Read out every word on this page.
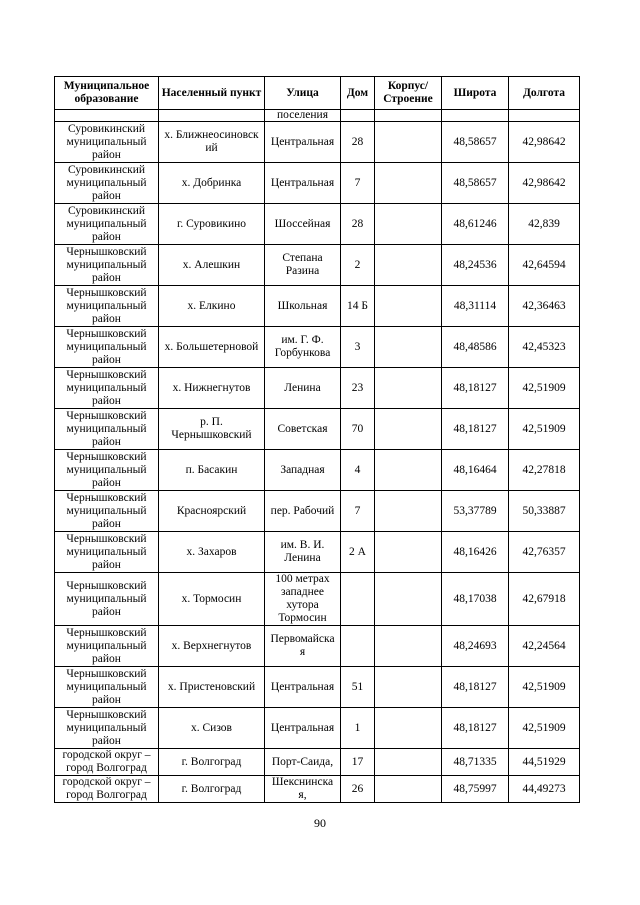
Муниципальное образование	Населенный пункт	Улица	Дом	Корпус/ Строение	Широта	Долгота
		поселения				
Суровикинский муниципальный район	х. Ближнеосиновск ий	Центральная	28		48,58657	42,98642
Суровикинский муниципальный район	х. Добринка	Центральная	7		48,58657	42,98642
Суровикинский муниципальный район	г. Суровикино	Шоссейная	28		48,61246	42,839
Чернышковский муниципальный район	х. Алешкин	Степана Разина	2		48,24536	42,64594
Чернышковский муниципальный район	х. Елкино	Школьная	14 Б		48,31114	42,36463
Чернышковский муниципальный район	х. Большетерновой	им. Г. Ф. Горбункова	3		48,48586	42,45323
Чернышковский муниципальный район	х. Нижнегнутов	Ленина	23		48,18127	42,51909
Чернышковский муниципальный район	р. П. Чернышковский	Советская	70		48,18127	42,51909
Чернышковский муниципальный район	п. Басакин	Западная	4		48,16464	42,27818
Чернышковский муниципальный район	Красноярский	пер. Рабочий	7		53,37789	50,33887
Чернышковский муниципальный район	х. Захаров	им. В. И. Ленина	2 А		48,16426	42,76357
Чернышковский муниципальный район	х. Тормосин	100 метрах западнее хутора Тормосин			48,17038	42,67918
Чернышковский муниципальный район	х. Верхнегнутов	Первомайска я			48,24693	42,24564
Чернышковский муниципальный район	х. Пристеновский	Центральная	51		48,18127	42,51909
Чернышковский муниципальный район	х. Сизов	Центральная	1		48,18127	42,51909
городской округ – город Волгоград	г. Волгоград	Порт-Саида,	17		48,71335	44,51929
городской округ – город Волгоград	г. Волгоград	Шекснинска я,	26		48,75997	44,49273
90
